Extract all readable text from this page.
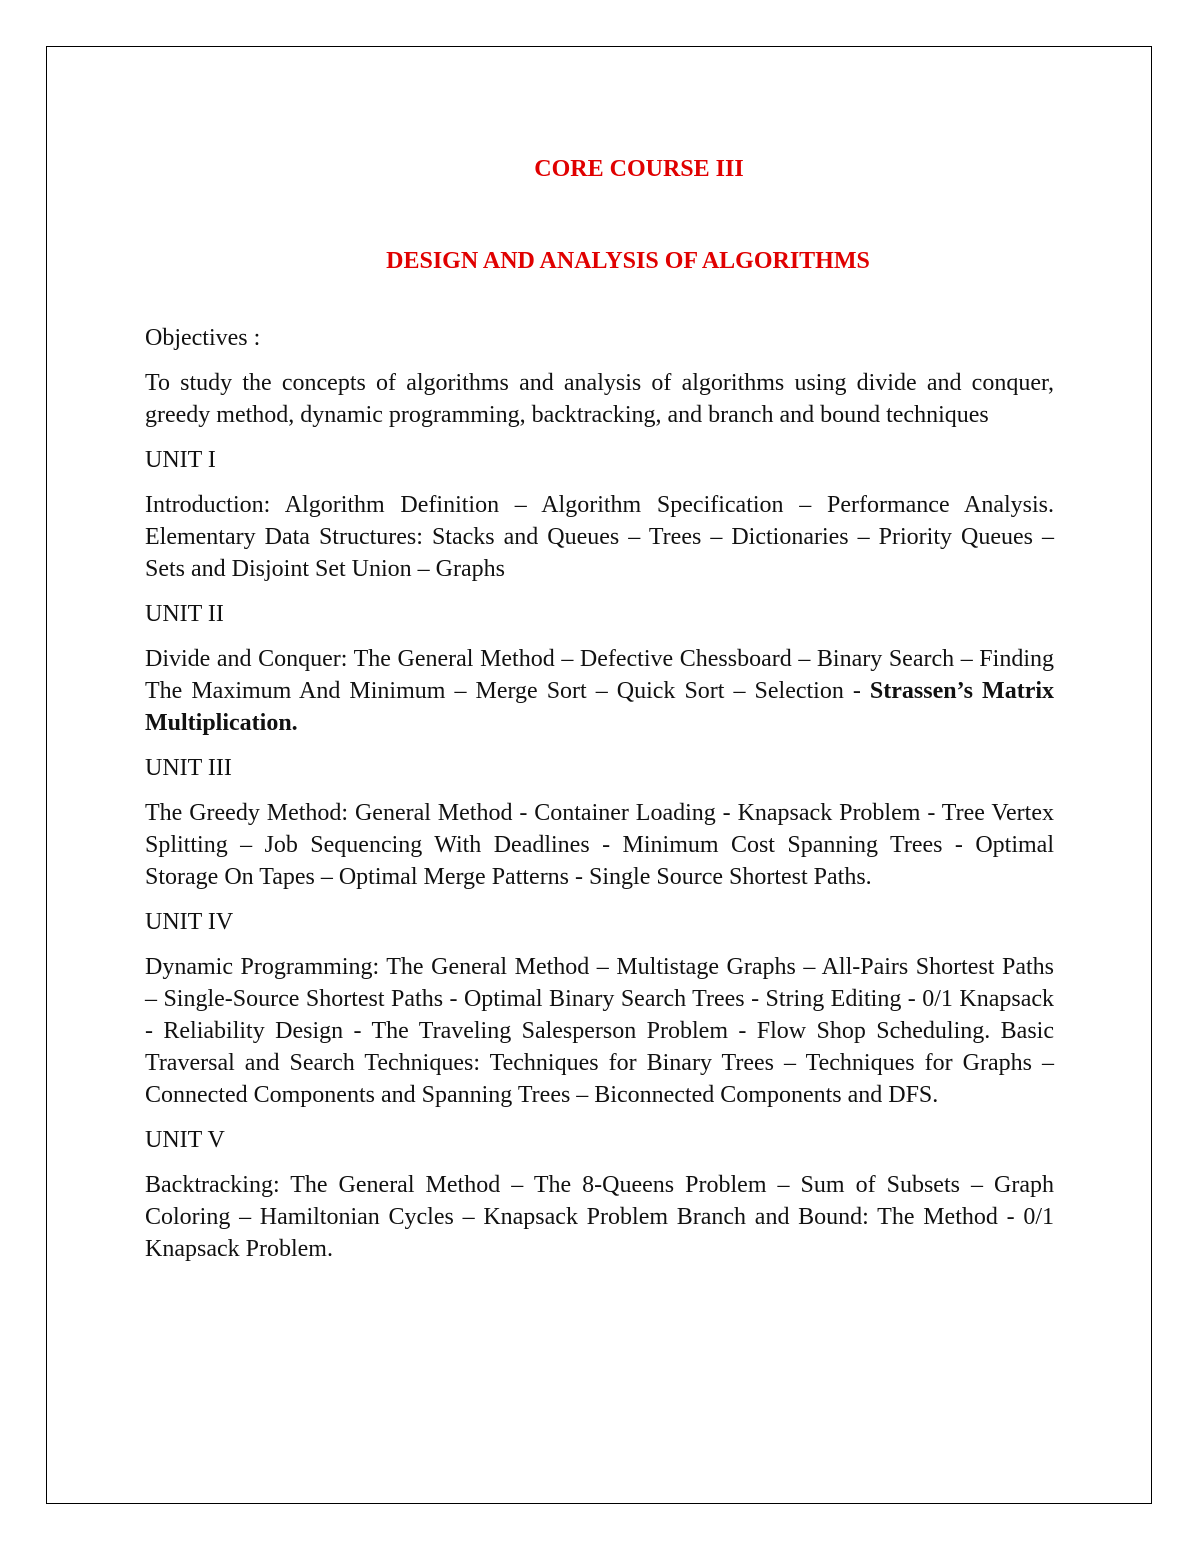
CORE COURSE III
DESIGN AND ANALYSIS OF ALGORITHMS

Objectives :

To study the concepts of algorithms and analysis of algorithms using divide and conquer, greedy method, dynamic programming, backtracking, and branch and bound techniques

UNIT I

Introduction: Algorithm Definition – Algorithm Specification – Performance Analysis. Elementary Data Structures: Stacks and Queues – Trees – Dictionaries – Priority Queues – Sets and Disjoint Set Union – Graphs

UNIT II

Divide and Conquer: The General Method – Defective Chessboard – Binary Search – Finding The Maximum And Minimum – Merge Sort – Quick Sort – Selection - Strassen’s Matrix Multiplication.

UNIT III

The Greedy Method: General Method - Container Loading - Knapsack Problem - Tree Vertex Splitting – Job Sequencing With Deadlines - Minimum Cost Spanning Trees - Optimal Storage On Tapes – Optimal Merge Patterns - Single Source Shortest Paths.

UNIT IV

Dynamic Programming: The General Method – Multistage Graphs – All-Pairs Shortest Paths – Single-Source Shortest Paths - Optimal Binary Search Trees - String Editing - 0/1 Knapsack - Reliability Design - The Traveling Salesperson Problem - Flow Shop Scheduling. Basic Traversal and Search Techniques: Techniques for Binary Trees – Techniques for Graphs – Connected Components and Spanning Trees – Biconnected Components and DFS.

UNIT V

Backtracking: The General Method – The 8-Queens Problem – Sum of Subsets – Graph Coloring – Hamiltonian Cycles – Knapsack Problem Branch and Bound: The Method - 0/1 Knapsack Problem.
